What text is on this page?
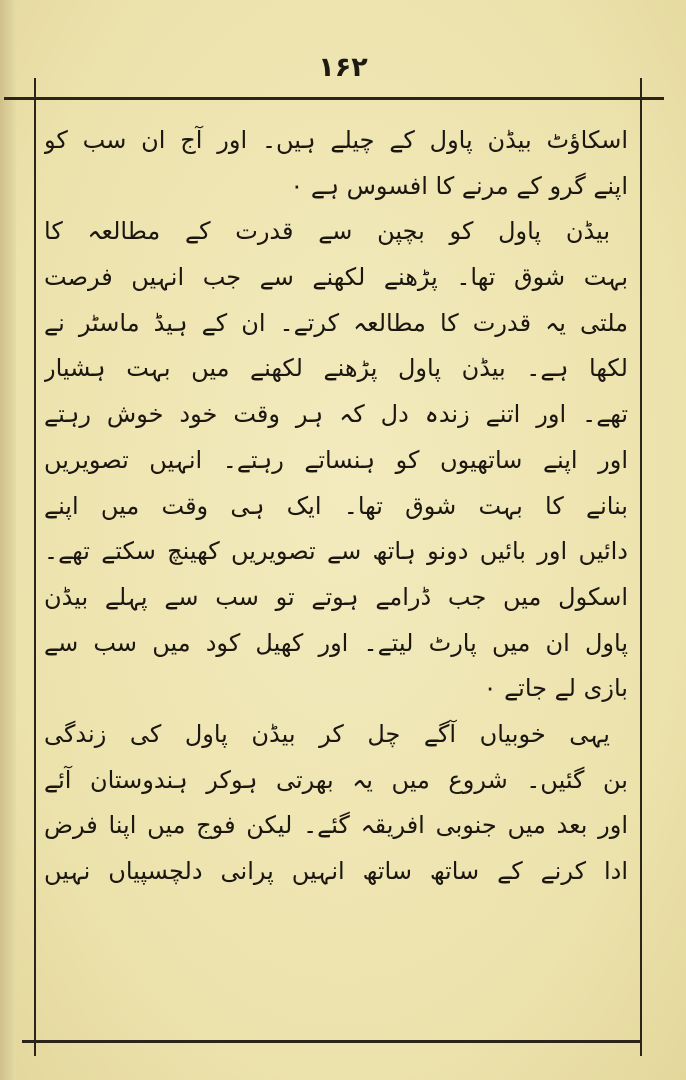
۱۶۲
اسکاؤٹ بیڈن پاول کے چیلے ہیں۔ اور آج ان سب کو
اپنے گرو کے مرنے کا افسوس ہے ۰
بیڈن پاول کو بچپن سے قدرت کے مطالعہ کا
بہت شوق تھا۔ پڑھنے لکھنے سے جب انہیں فرصت
ملتی یہ قدرت کا مطالعہ کرتے۔ ان کے ہیڈ ماسٹر نے
لکھا ہے۔ بیڈن پاول پڑھنے لکھنے میں بہت ہشیار
تھے۔ اور اتنے زندہ دل کہ ہر وقت خود خوش رہتے
اور اپنے ساتھیوں کو ہنساتے رہتے۔ انہیں تصویریں
بنانے کا بہت شوق تھا۔ ایک ہی وقت میں اپنے
دائیں اور بائیں دونو ہاتھ سے تصویریں کھینچ سکتے تھے۔
اسکول میں جب ڈرامے ہوتے تو سب سے پہلے بیڈن
پاول ان میں پارٹ لیتے۔ اور کھیل کود میں سب سے
بازی لے جاتے ۰
یہی خوبیاں آگے چل کر بیڈن پاول کی زندگی
بن گئیں۔ شروع میں یہ بھرتی ہوکر ہندوستان آئے
اور بعد میں جنوبی افریقہ گئے۔ لیکن فوج میں اپنا فرض
ادا کرنے کے ساتھ ساتھ انہیں پرانی دلچسپیاں نہیں
